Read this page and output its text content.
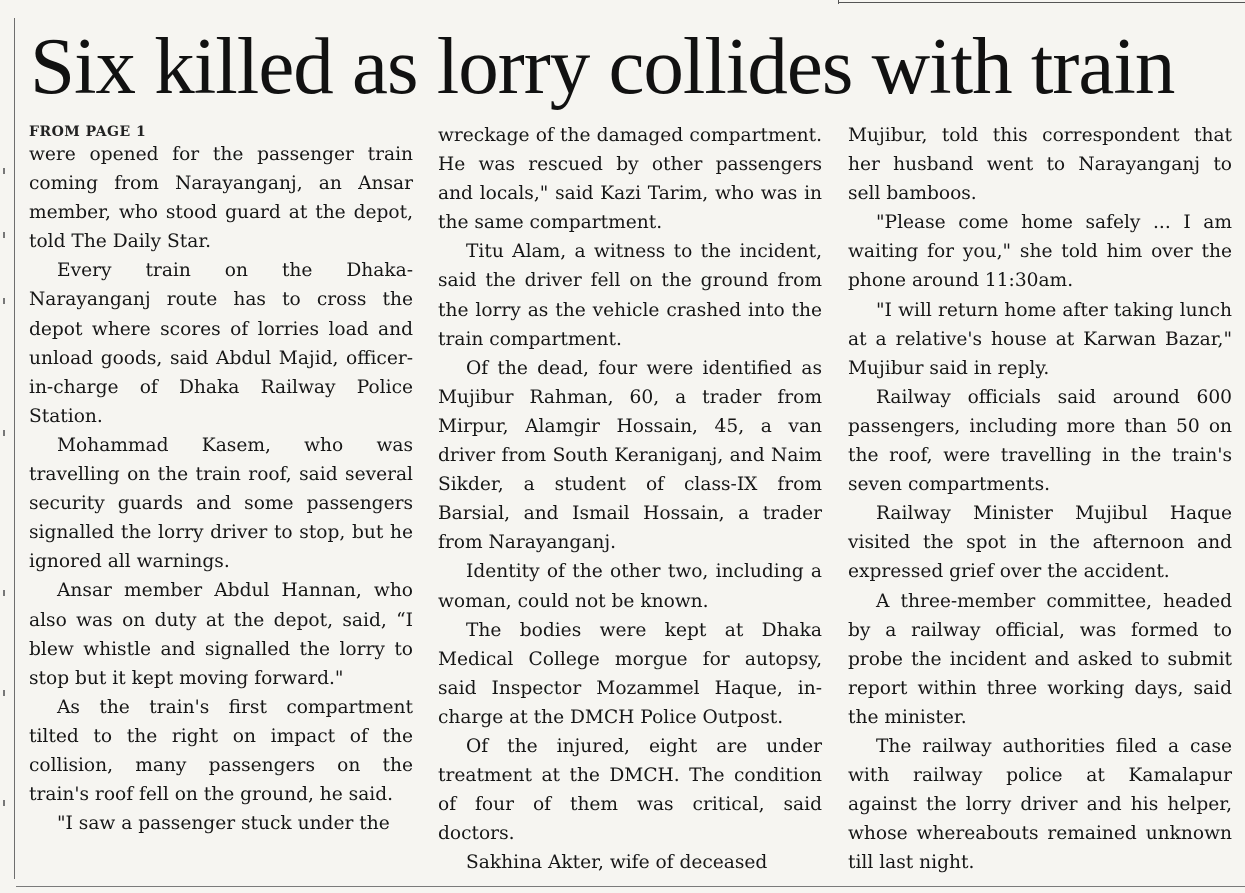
Six killed as lorry collides with train
FROM PAGE 1

were opened for the passenger train coming from Narayanganj, an Ansar member, who stood guard at the depot, told The Daily Star.

Every train on the Dhaka-Narayanganj route has to cross the depot where scores of lorries load and unload goods, said Abdul Majid, officer-in-charge of Dhaka Railway Police Station.

Mohammad Kasem, who was travelling on the train roof, said several security guards and some passengers signalled the lorry driver to stop, but he ignored all warnings.

Ansar member Abdul Hannan, who also was on duty at the depot, said, “I blew whistle and signalled the lorry to stop but it kept moving forward."

As the train's first compartment tilted to the right on impact of the collision, many passengers on the train's roof fell on the ground, he said.

"I saw a passenger stuck under the

wreckage of the damaged compartment. He was rescued by other passengers and locals," said Kazi Tarim, who was in the same compartment.

Titu Alam, a witness to the incident, said the driver fell on the ground from the lorry as the vehicle crashed into the train compartment.

Of the dead, four were identified as Mujibur Rahman, 60, a trader from Mirpur, Alamgir Hossain, 45, a van driver from South Keraniganj, and Naim Sikder, a student of class-IX from Barsial, and Ismail Hossain, a trader from Narayanganj.

Identity of the other two, including a woman, could not be known.

The bodies were kept at Dhaka Medical College morgue for autopsy, said Inspector Mozammel Haque, in-charge at the DMCH Police Outpost.

Of the injured, eight are under treatment at the DMCH. The condition of four of them was critical, said doctors.

Sakhina Akter, wife of deceased

Mujibur, told this correspondent that her husband went to Narayanganj to sell bamboos.

"Please come home safely ... I am waiting for you," she told him over the phone around 11:30am.

"I will return home after taking lunch at a relative's house at Karwan Bazar," Mujibur said in reply.

Railway officials said around 600 passengers, including more than 50 on the roof, were travelling in the train's seven compartments.

Railway Minister Mujibul Haque visited the spot in the afternoon and expressed grief over the accident.

A three-member committee, headed by a railway official, was formed to probe the incident and asked to submit report within three working days, said the minister.

The railway authorities filed a case with railway police at Kamalapur against the lorry driver and his helper, whose whereabouts remained unknown till last night.
